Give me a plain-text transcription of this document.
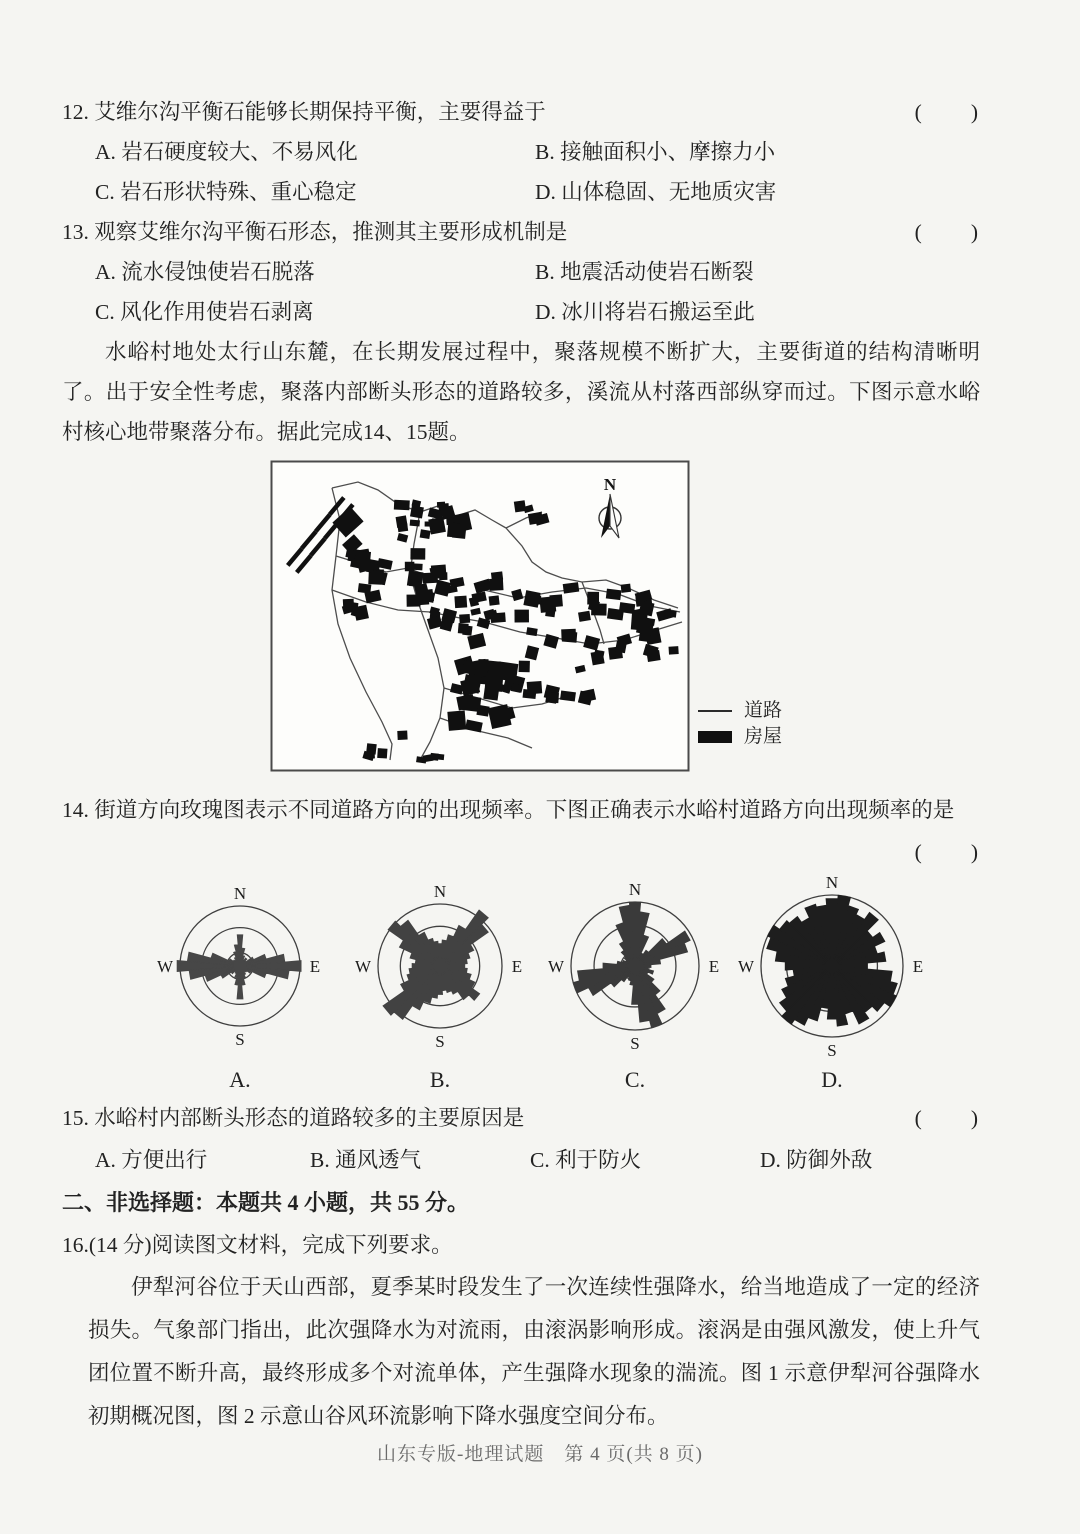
12. 艾维尔沟平衡石能够长期保持平衡，主要得益于	(　　)
A. 岩石硬度较大、不易风化	B. 接触面积小、摩擦力小
C. 岩石形状特殊、重心稳定	D. 山体稳固、无地质灾害
13. 观察艾维尔沟平衡石形态，推测其主要形成机制是	(　　)
A. 流水侵蚀使岩石脱落	B. 地震活动使岩石断裂
C. 风化作用使岩石剥离	D. 冰川将岩石搬运至此
水峪村地处太行山东麓，在长期发展过程中，聚落规模不断扩大，主要街道的结构清晰明了。出于安全性考虑，聚落内部断头形态的道路较多，溪流从村落西部纵穿而过。下图示意水峪村核心地带聚落分布。据此完成14、15题。
N
道路
房屋
14. 街道方向玫瑰图表示不同道路方向的出现频率。下图正确表示水峪村道路方向出现频率的是
(　　)
N
S
E
W
A.
N
S
E
W
B.
N
S
E
W
C.
N
S
E
W
D.
15. 水峪村内部断头形态的道路较多的主要原因是	(　　)
A. 方便出行	B. 通风透气	C. 利于防火	D. 防御外敌
二、非选择题：本题共 4 小题，共 55 分。
16.(14 分)阅读图文材料，完成下列要求。
伊犁河谷位于天山西部，夏季某时段发生了一次连续性强降水，给当地造成了一定的经济损失。气象部门指出，此次强降水为对流雨，由滚涡影响形成。滚涡是由强风激发，使上升气团位置不断升高，最终形成多个对流单体，产生强降水现象的湍流。图 1 示意伊犁河谷强降水初期概况图，图 2 示意山谷风环流影响下降水强度空间分布。
山东专版-地理试题　第 4 页(共 8 页)
